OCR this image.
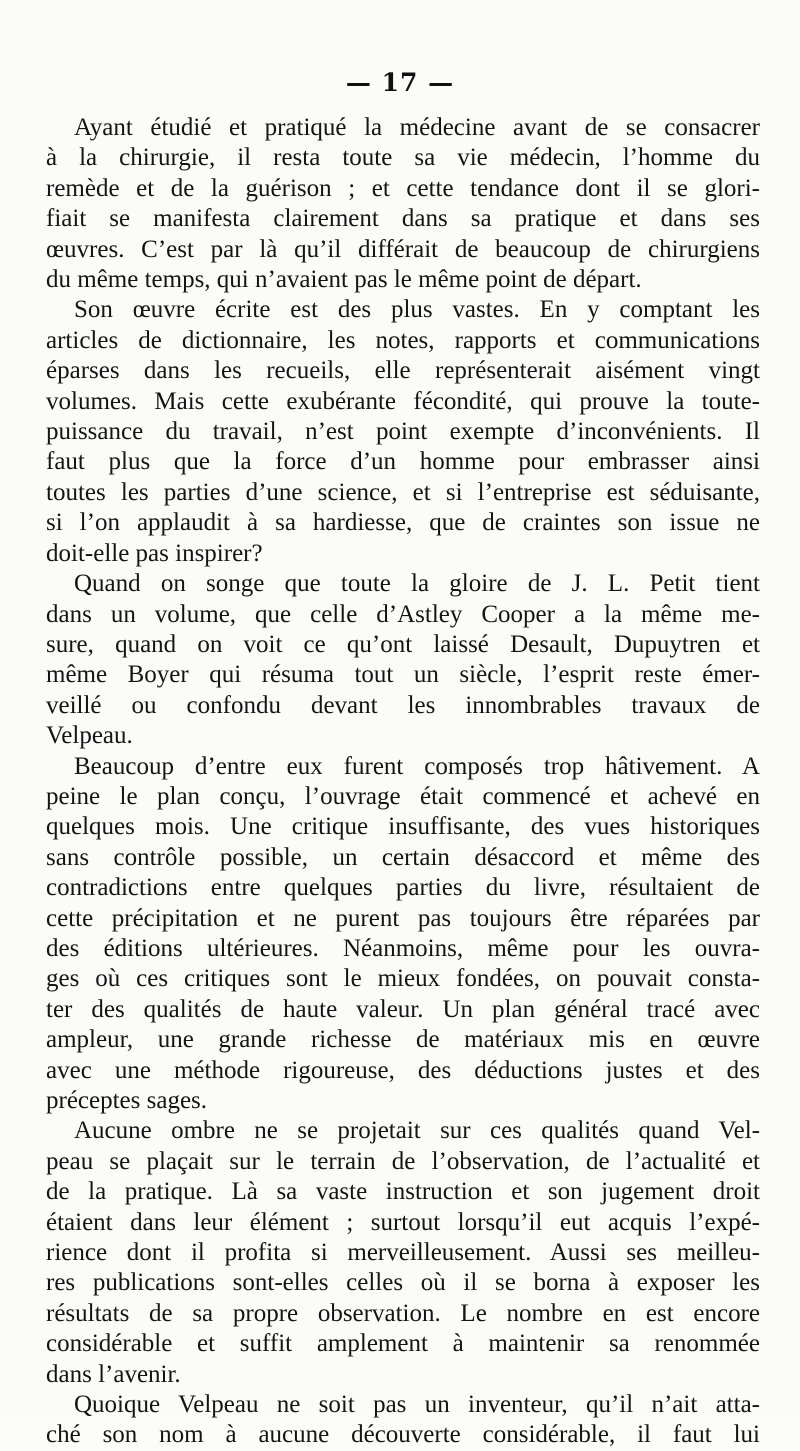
— 17 —
Ayant étudié et pratiqué la médecine avant de se consacrer
à la chirurgie, il resta toute sa vie médecin, l’homme du
remède et de la guérison ; et cette tendance dont il se glori-
fiait se manifesta clairement dans sa pratique et dans ses
œuvres. C’est par là qu’il différait de beaucoup de chirurgiens
du même temps, qui n’avaient pas le même point de départ.
Son œuvre écrite est des plus vastes. En y comptant les
articles de dictionnaire, les notes, rapports et communications
éparses dans les recueils, elle représenterait aisément vingt
volumes. Mais cette exubérante fécondité, qui prouve la toute-
puissance du travail, n’est point exempte d’inconvénients. Il
faut plus que la force d’un homme pour embrasser ainsi
toutes les parties d’une science, et si l’entreprise est séduisante,
si l’on applaudit à sa hardiesse, que de craintes son issue ne
doit-elle pas inspirer?
Quand on songe que toute la gloire de J. L. Petit tient
dans un volume, que celle d’Astley Cooper a la même me-
sure, quand on voit ce qu’ont laissé Desault, Dupuytren et
même Boyer qui résuma tout un siècle, l’esprit reste émer-
veillé ou confondu devant les innombrables travaux de
Velpeau.
Beaucoup d’entre eux furent composés trop hâtivement. A
peine le plan conçu, l’ouvrage était commencé et achevé en
quelques mois. Une critique insuffisante, des vues historiques
sans contrôle possible, un certain désaccord et même des
contradictions entre quelques parties du livre, résultaient de
cette précipitation et ne purent pas toujours être réparées par
des éditions ultérieures. Néanmoins, même pour les ouvra-
ges où ces critiques sont le mieux fondées, on pouvait consta-
ter des qualités de haute valeur. Un plan général tracé avec
ampleur, une grande richesse de matériaux mis en œuvre
avec une méthode rigoureuse, des déductions justes et des
préceptes sages.
Aucune ombre ne se projetait sur ces qualités quand Vel-
peau se plaçait sur le terrain de l’observation, de l’actualité et
de la pratique. Là sa vaste instruction et son jugement droit
étaient dans leur élément ; surtout lorsqu’il eut acquis l’expé-
rience dont il profita si merveilleusement. Aussi ses meilleu-
res publications sont-elles celles où il se borna à exposer les
résultats de sa propre observation. Le nombre en est encore
considérable et suffit amplement à maintenir sa renommée
dans l’avenir.
Quoique Velpeau ne soit pas un inventeur, qu’il n’ait atta-
ché son nom à aucune découverte considérable, il faut lui
